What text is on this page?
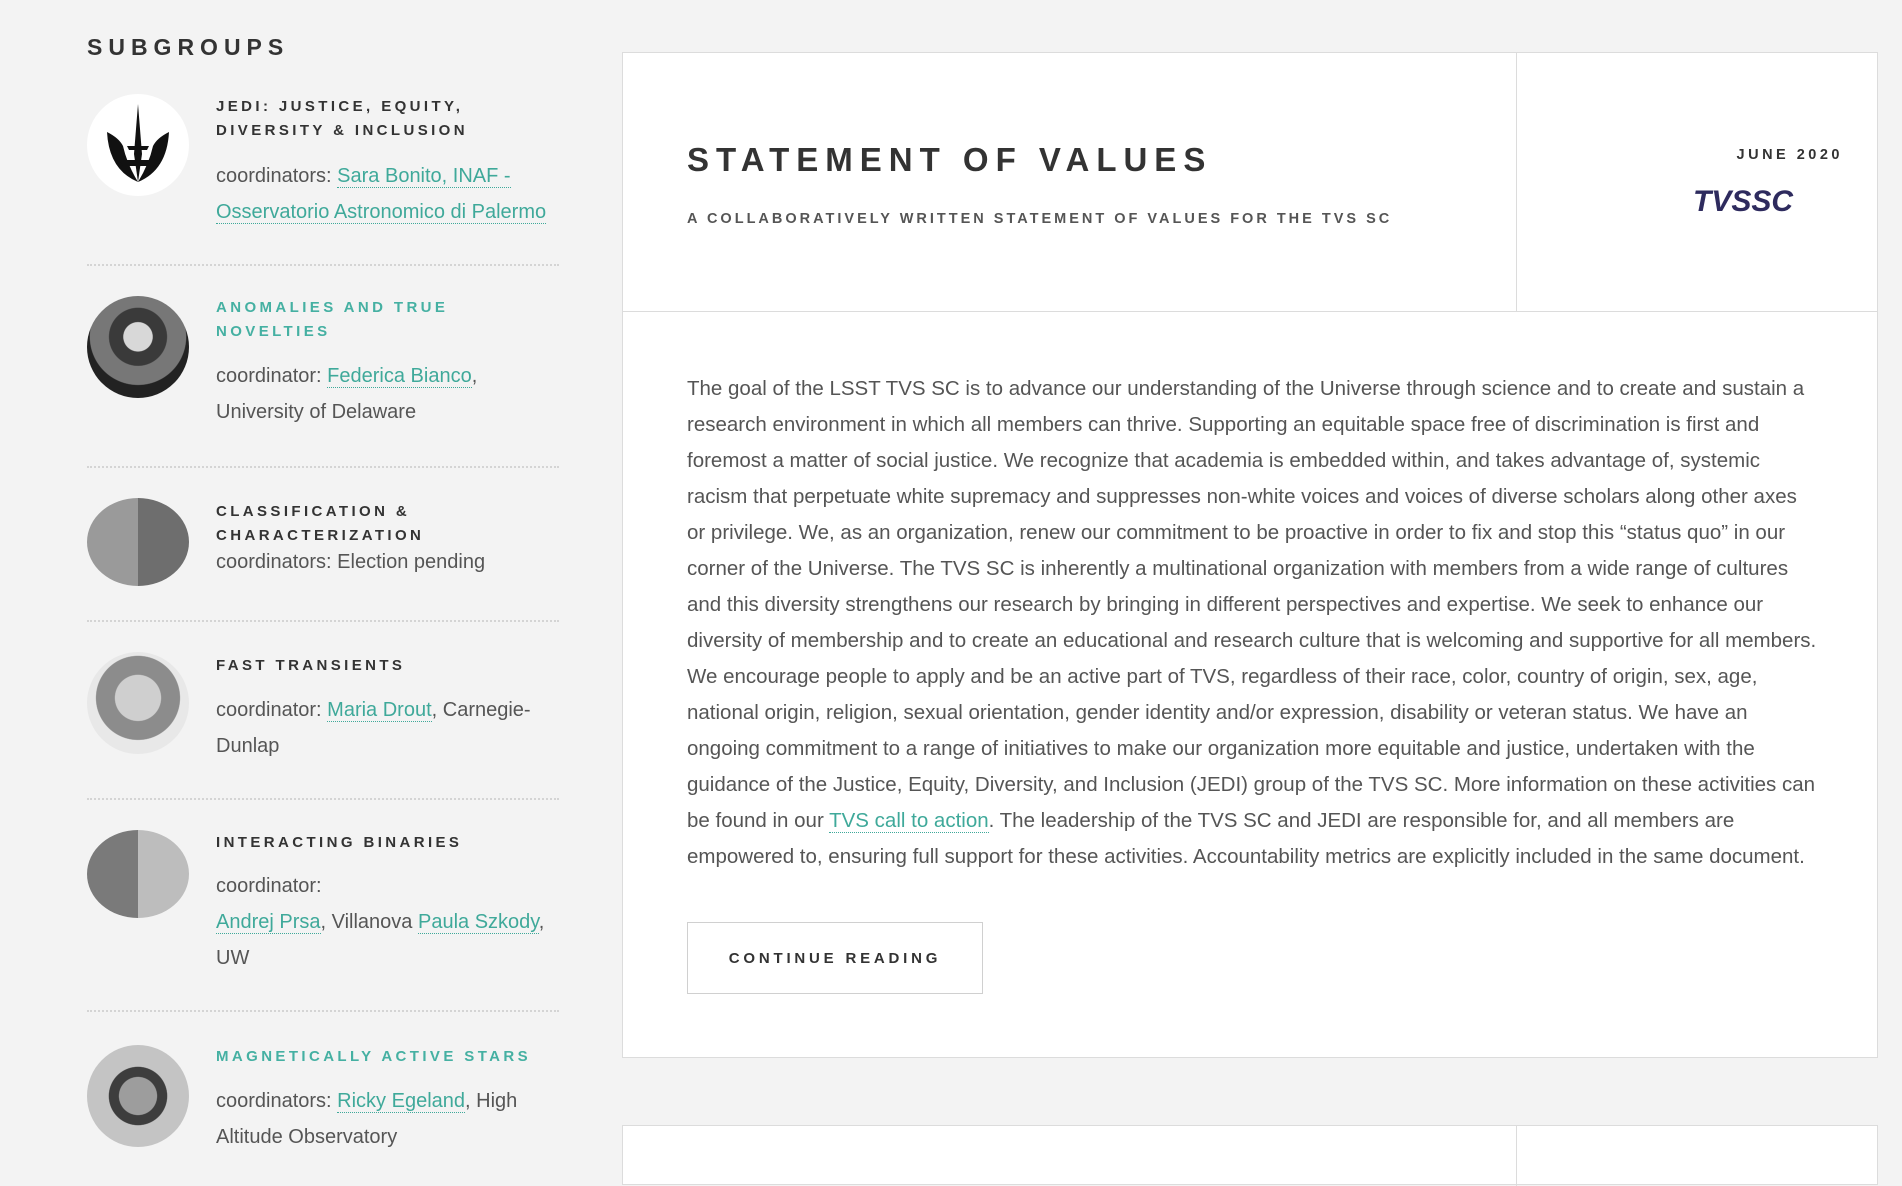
SUBGROUPS
JEDI: JUSTICE, EQUITY, DIVERSITY & INCLUSION
coordinators: Sara Bonito, INAF - Osservatorio Astronomico di Palermo
ANOMALIES AND TRUE NOVELTIES
coordinator: Federica Bianco, University of Delaware
CLASSIFICATION & CHARACTERIZATION
coordinators: Election pending
FAST TRANSIENTS
coordinator: Maria Drout, Carnegie-Dunlap
INTERACTING BINARIES
coordinator:
Andrej Prsa, Villanova Paula Szkody, UW
MAGNETICALLY ACTIVE STARS
coordinators: Ricky Egeland, High Altitude Observatory
STATEMENT OF VALUES

A COLLABORATIVELY WRITTEN STATEMENT OF VALUES FOR THE TVS SC

JUNE 2020
TVSSC

The goal of the LSST TVS SC is to advance our understanding of the Universe through science and to create and sustain a research environment in which all members can thrive. Supporting an equitable space free of discrimination is first and foremost a matter of social justice. We recognize that academia is embedded within, and takes advantage of, systemic racism that perpetuate white supremacy and suppresses non-white voices and voices of diverse scholars along other axes or privilege. We, as an organization, renew our commitment to be proactive in order to fix and stop this “status quo” in our corner of the Universe. The TVS SC is inherently a multinational organization with members from a wide range of cultures and this diversity strengthens our research by bringing in different perspectives and expertise. We seek to enhance our diversity of membership and to create an educational and research culture that is welcoming and supportive for all members. We encourage people to apply and be an active part of TVS, regardless of their race, color, country of origin, sex, age, national origin, religion, sexual orientation, gender identity and/or expression, disability or veteran status. We have an ongoing commitment to a range of initiatives to make our organization more equitable and justice, undertaken with the guidance of the Justice, Equity, Diversity, and Inclusion (JEDI) group of the TVS SC. More information on these activities can be found in our TVS call to action. The leadership of the TVS SC and JEDI are responsible for, and all members are empowered to, ensuring full support for these activities. Accountability metrics are explicitly included in the same document.

CONTINUE READING
